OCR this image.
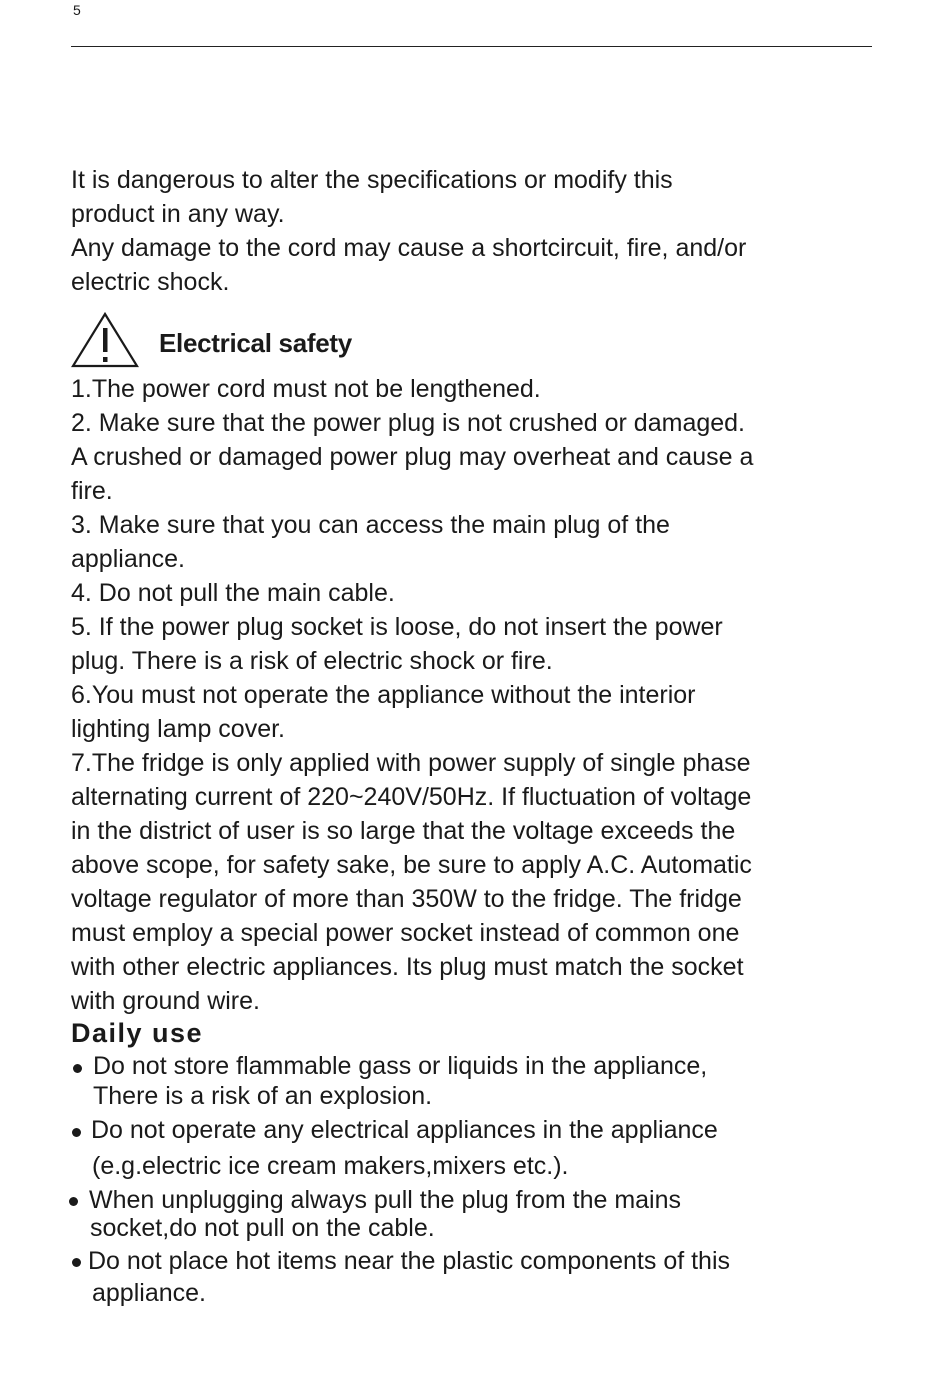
5

It is dangerous to alter the specifications or modify this

product in any way.

Any damage to the cord may cause a shortcircuit, fire, and/or

electric shock.

Electrical safety

1.The power cord must not be lengthened.

2. Make sure that the power plug is not crushed or damaged.

A crushed or damaged power plug may overheat and cause a

fire.

3. Make sure that you can access the main plug of the

appliance.

4. Do not pull the main cable.

5. If the power plug socket is loose, do not insert the power

plug. There is a risk of electric shock or fire.

6.You must not operate the appliance without the interior

lighting lamp cover.

7.The fridge is only applied with power supply of single phase

alternating current of 220~240V/50Hz. If fluctuation of voltage

in the district of user is so large that the voltage exceeds the

above scope, for safety sake, be sure to apply A.C. Automatic

voltage regulator of more than 350W to the fridge. The fridge

must employ a special power socket instead of common one

with other electric appliances. Its plug must match the socket

with ground wire.

Daily use
Do not store flammable gass or liquids in the appliance,
There is a risk of an explosion.
Do not operate any electrical appliances in the appliance
(e.g.electric ice cream makers,mixers etc.).
When unplugging always pull the plug from the mains
socket,do not pull on the cable.
Do not place hot items near the plastic components of this
appliance.
